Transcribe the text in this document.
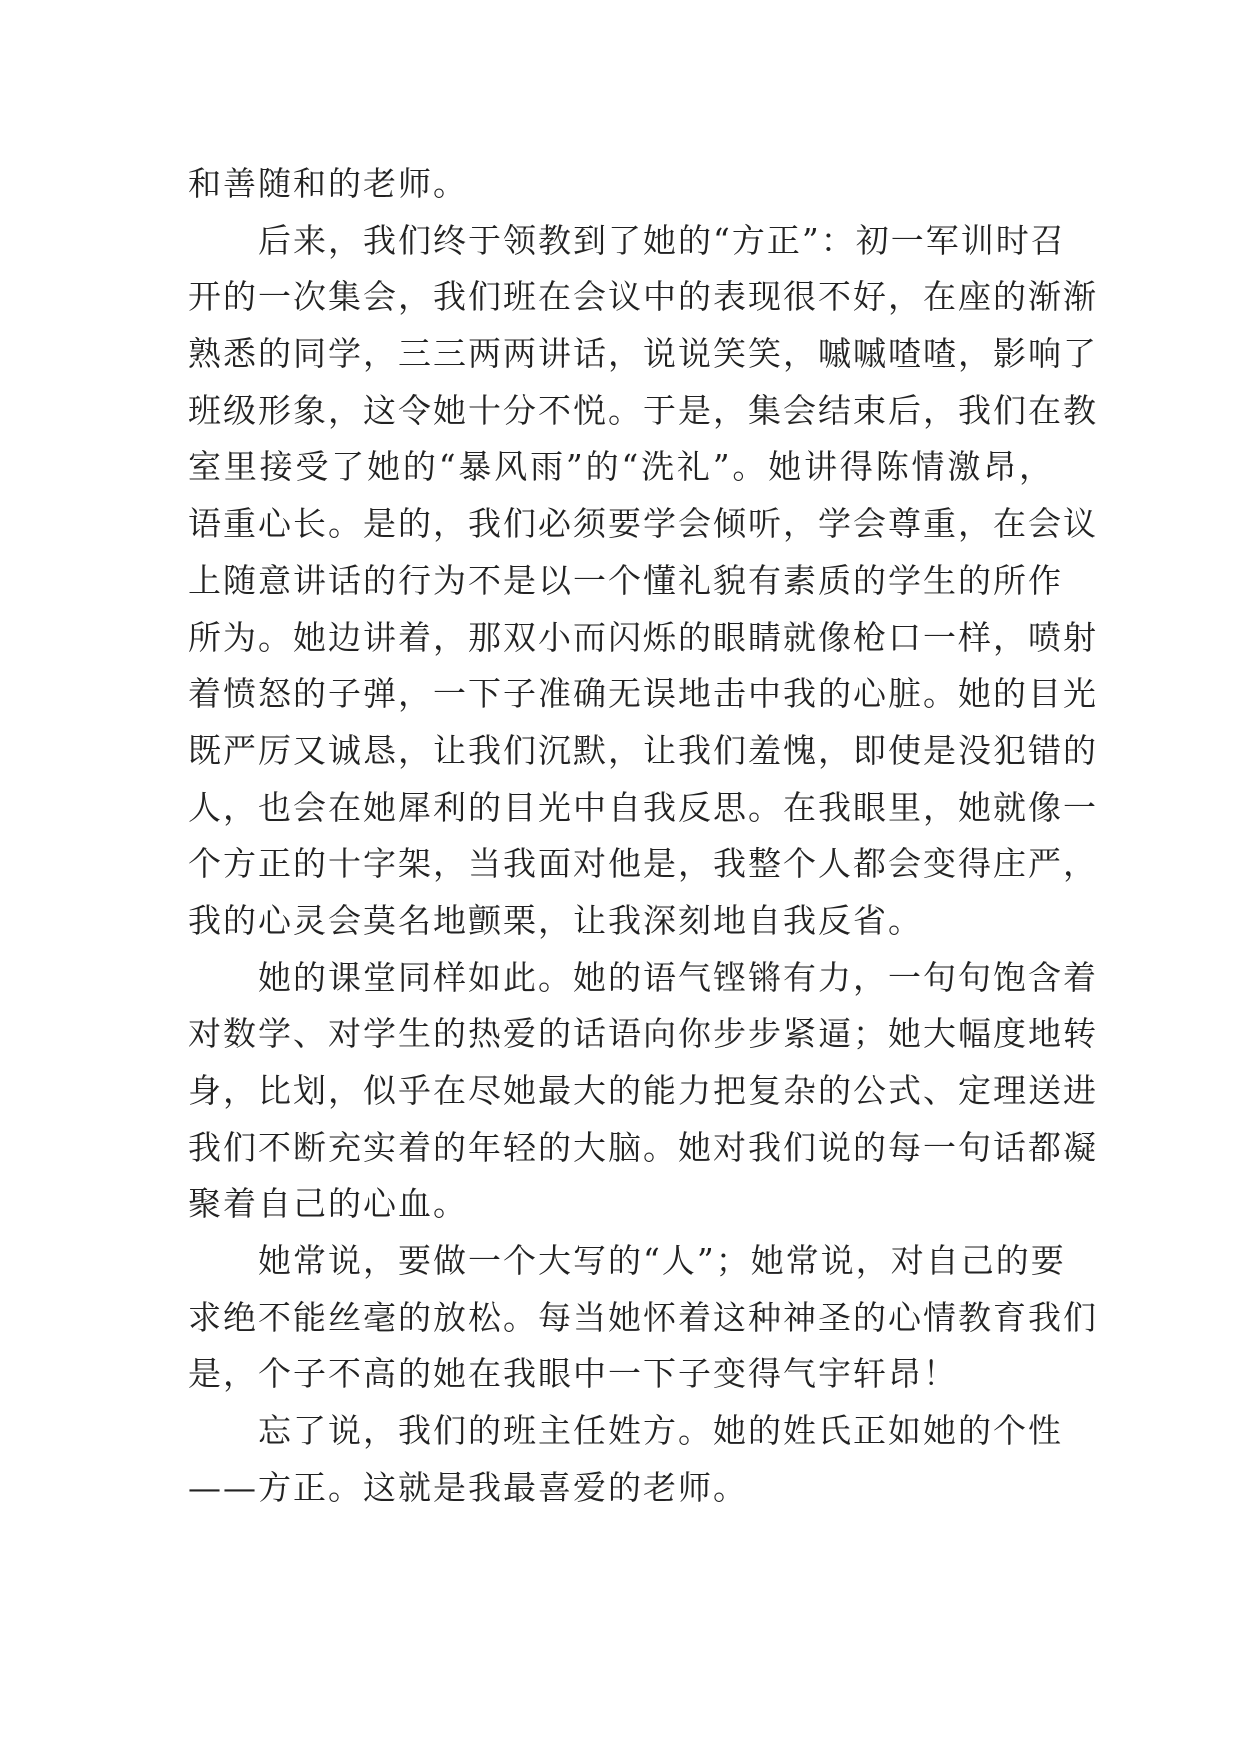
和善随和的老师。
后来，我们终于领教到了她的“方正”：初一军训时召
开的一次集会，我们班在会议中的表现很不好，在座的渐渐
熟悉的同学，三三两两讲话，说说笑笑，嘁嘁喳喳，影响了
班级形象，这令她十分不悦。于是，集会结束后，我们在教
室里接受了她的“暴风雨”的“洗礼”。她讲得陈情激昂，
语重心长。是的，我们必须要学会倾听，学会尊重，在会议
上随意讲话的行为不是以一个懂礼貌有素质的学生的所作
所为。她边讲着，那双小而闪烁的眼睛就像枪口一样，喷射
着愤怒的子弹，一下子准确无误地击中我的心脏。她的目光
既严厉又诚恳，让我们沉默，让我们羞愧，即使是没犯错的
人，也会在她犀利的目光中自我反思。在我眼里，她就像一
个方正的十字架，当我面对他是，我整个人都会变得庄严，
我的心灵会莫名地颤栗，让我深刻地自我反省。
她的课堂同样如此。她的语气铿锵有力，一句句饱含着
对数学、对学生的热爱的话语向你步步紧逼；她大幅度地转
身，比划，似乎在尽她最大的能力把复杂的公式、定理送进
我们不断充实着的年轻的大脑。她对我们说的每一句话都凝
聚着自己的心血。
她常说，要做一个大写的“人”；她常说，对自己的要
求绝不能丝毫的放松。每当她怀着这种神圣的心情教育我们
是，个子不高的她在我眼中一下子变得气宇轩昂！
忘了说，我们的班主任姓方。她的姓氏正如她的个性
——方正。这就是我最喜爱的老师。
